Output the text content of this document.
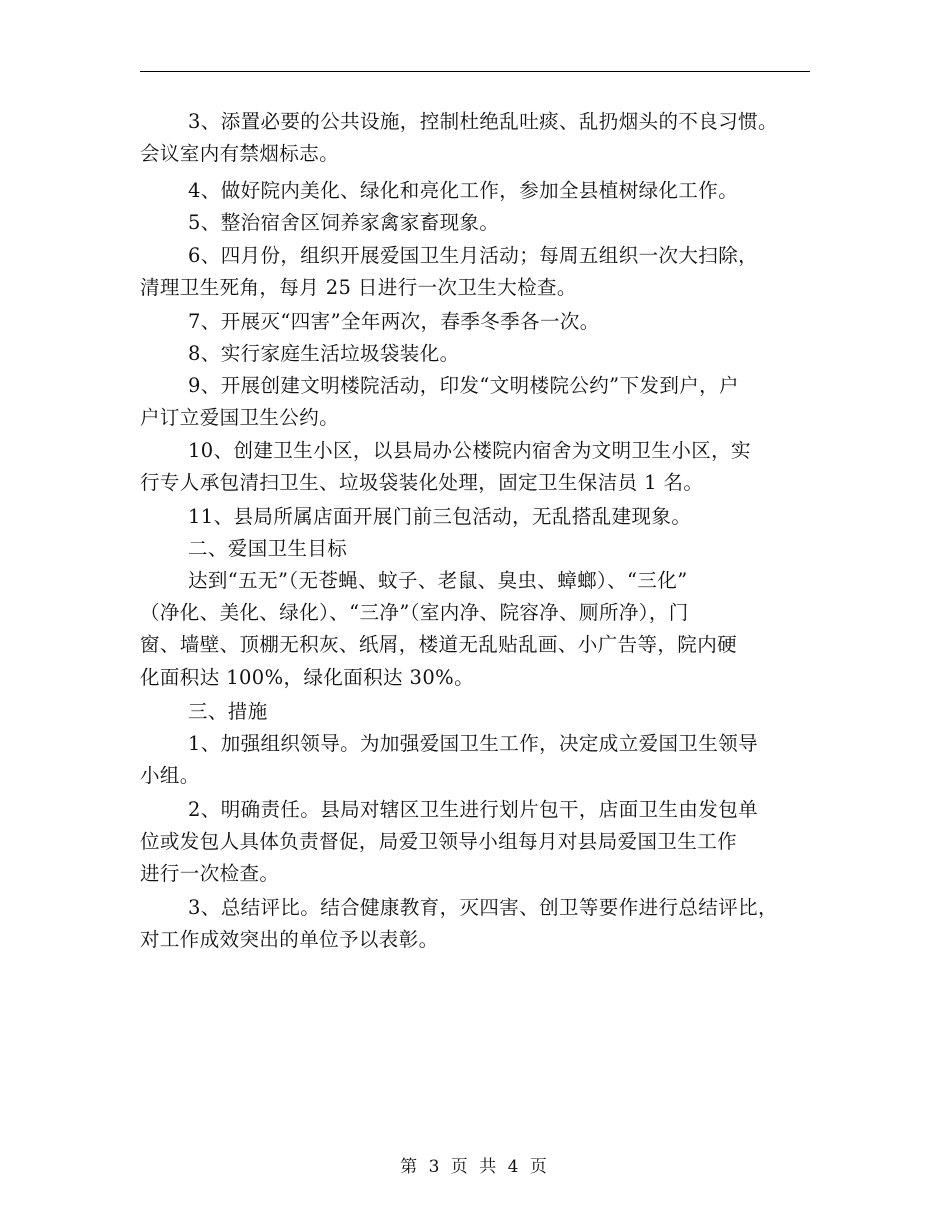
3、添置必要的公共设施，控制杜绝乱吐痰、乱扔烟头的不良习惯。
会议室内有禁烟标志。
4、做好院内美化、绿化和亮化工作，参加全县植树绿化工作。
5、整治宿舍区饲养家禽家畜现象。
6、四月份，组织开展爱国卫生月活动；每周五组织一次大扫除，
清理卫生死角，每月 25 日进行一次卫生大检查。
7、开展灭“四害”全年两次，春季冬季各一次。
8、实行家庭生活垃圾袋装化。
9、开展创建文明楼院活动，印发“文明楼院公约”下发到户，户
户订立爱国卫生公约。
10、创建卫生小区，以县局办公楼院内宿舍为文明卫生小区，实
行专人承包清扫卫生、垃圾袋装化处理，固定卫生保洁员 1 名。
11、县局所属店面开展门前三包活动，无乱搭乱建现象。
二、爱国卫生目标
达到“五无”（无苍蝇、蚊子、老鼠、臭虫、蟑螂）、“三化”
（净化、美化、绿化）、“三净”（室内净、院容净、厕所净），门
窗、墙壁、顶棚无积灰、纸屑，楼道无乱贴乱画、小广告等，院内硬
化面积达 100%，绿化面积达 30%。
三、措施
1、加强组织领导。为加强爱国卫生工作，决定成立爱国卫生领导
小组。
2、明确责任。县局对辖区卫生进行划片包干，店面卫生由发包单
位或发包人具体负责督促，局爱卫领导小组每月对县局爱国卫生工作
进行一次检查。
3、总结评比。结合健康教育，灭四害、创卫等要作进行总结评比，
对工作成效突出的单位予以表彰。
第 3 页 共 4 页
